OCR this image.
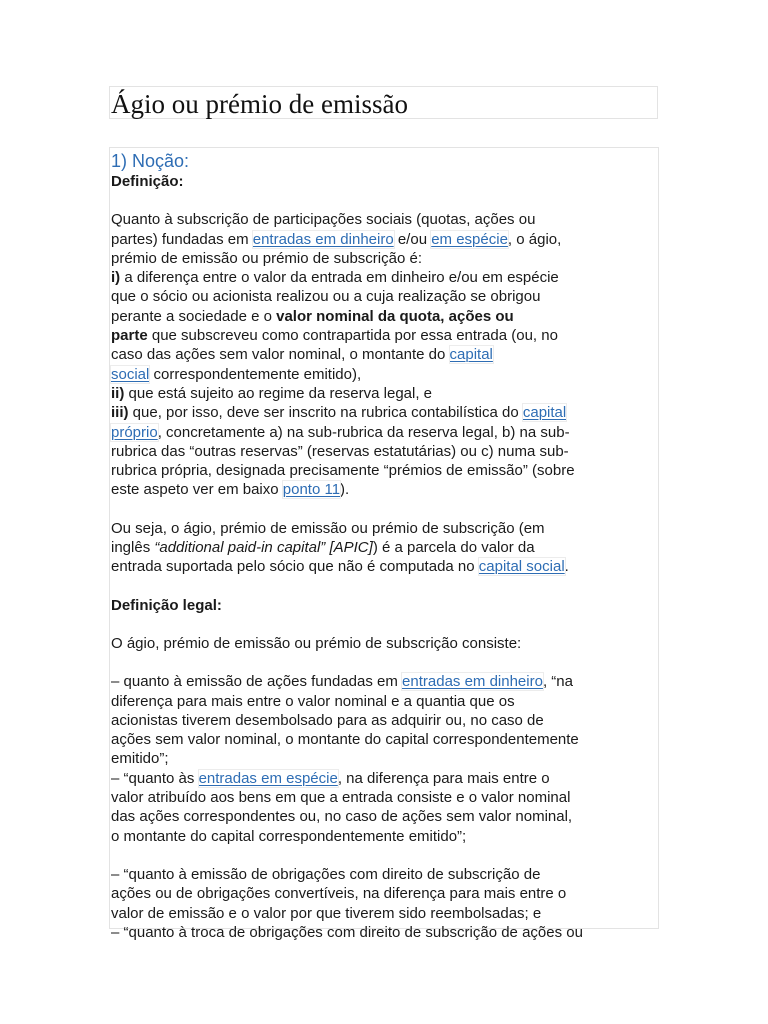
Ágio ou prémio de emissão
1) Noção:
Definição:
Quanto à subscrição de participações sociais (quotas, ações ou
partes) fundadas em entradas em dinheiro e/ou em espécie, o ágio,
prémio de emissão ou prémio de subscrição é:
i) a diferença entre o valor da entrada em dinheiro e/ou em espécie
que o sócio ou acionista realizou ou a cuja realização se obrigou
perante a sociedade e o valor nominal da quota, ações ou
parte que subscreveu como contrapartida por essa entrada (ou, no
caso das ações sem valor nominal, o montante do capital
social correspondentemente emitido),
ii) que está sujeito ao regime da reserva legal, e
iii) que, por isso, deve ser inscrito na rubrica contabilística do capital
próprio, concretamente a) na sub-rubrica da reserva legal, b) na sub-
rubrica das “outras reservas” (reservas estatutárias) ou c) numa sub-
rubrica própria, designada precisamente “prémios de emissão” (sobre
este aspeto ver em baixo ponto 11).
Ou seja, o ágio, prémio de emissão ou prémio de subscrição (em
inglês “additional paid-in capital” [APIC]) é a parcela do valor da
entrada suportada pelo sócio que não é computada no capital social.
Definição legal:
O ágio, prémio de emissão ou prémio de subscrição consiste:
– quanto à emissão de ações fundadas em entradas em dinheiro, “na
diferença para mais entre o valor nominal e a quantia que os
acionistas tiverem desembolsado para as adquirir ou, no caso de
ações sem valor nominal, o montante do capital correspondentemente
emitido”;
– “quanto às entradas em espécie, na diferença para mais entre o
valor atribuído aos bens em que a entrada consiste e o valor nominal
das ações correspondentes ou, no caso de ações sem valor nominal,
o montante do capital correspondentemente emitido”;
– “quanto à emissão de obrigações com direito de subscrição de
ações ou de obrigações convertíveis, na diferença para mais entre o
valor de emissão e o valor por que tiverem sido reembolsadas; e
– “quanto à troca de obrigações com direito de subscrição de ações ou
